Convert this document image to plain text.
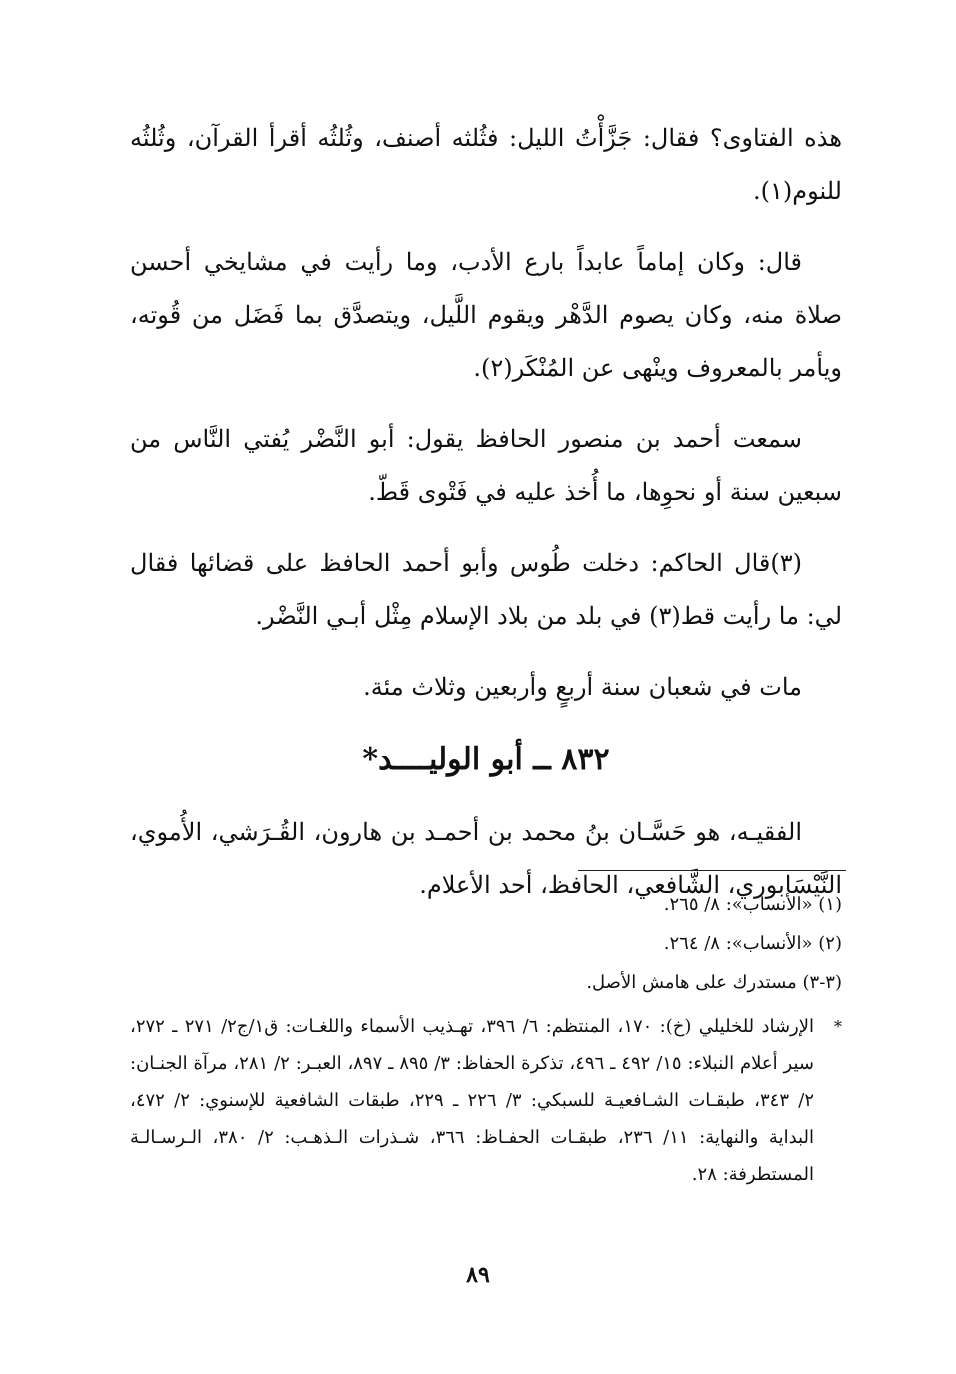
هذه الفتاوى؟ فقال: جَزَّأْتُ الليل: فثُلثه أصنف، وثُلثُه أقرأ القرآن، وثُلثُه للنوم(١).

قال: وكان إماماً عابداً بارع الأدب، وما رأيت في مشايخي أحسن صلاة منه، وكان يصوم الدَّهْر ويقوم اللَّيل، ويتصدَّق بما فَضَل من قُوته، ويأمر بالمعروف وينْهى عن المُنْكَر(٢).

سمعت أحمد بن منصور الحافظ يقول: أبو النَّضْر يُفتي النَّاس من سبعين سنة أو نحوِها، ما أُخذ عليه في فَتْوى قَطّ.

(٣)قال الحاكم: دخلت طُوس وأبو أحمد الحافظ على قضائها فقال لي: ما رأيت قط(٣) في بلد من بلاد الإسلام مِثْل أبـي النَّضْر.

مات في شعبان سنة أربعٍ وأربعين وثلاث مئة.

٨٣٢ ــ أبو الوليــــد*

الفقيـه، هو حَسَّـان بنُ محمد بن أحمـد بن هارون، القُـرَشي، الأُموي، النَّيْسَابوري، الشَّافعي، الحافظ، أحد الأعلام.

(١) «الأنساب»: ٨/ ٢٦٥.

(٢) «الأنساب»: ٨/ ٢٦٤.

(٣-٣) مستدرك على هامش الأصل.

*
الإرشاد للخليلي (خ): ١٧٠، المنتظم: ٦/ ٣٩٦، تهـذيب الأسماء واللغـات: ق١/ج٢/ ٢٧١ ـ ٢٧٢، سير أعلام النبلاء: ١٥/ ٤٩٢ ـ ٤٩٦، تذكرة الحفاظ: ٣/ ٨٩٥ ـ ٨٩٧، العبـر: ٢/ ٢٨١، مرآة الجنـان: ٢/ ٣٤٣، طبقـات الشـافعيـة للسبكي: ٣/ ٢٢٦ ـ ٢٢٩، طبقات الشافعية للإسنوي: ٢/ ٤٧٢، البداية والنهاية: ١١/ ٢٣٦، طبقـات الحفـاظ: ٣٦٦، شـذرات الـذهـب: ٢/ ٣٨٠، الـرسـالـة المستطرفة: ٢٨.

٨٩
